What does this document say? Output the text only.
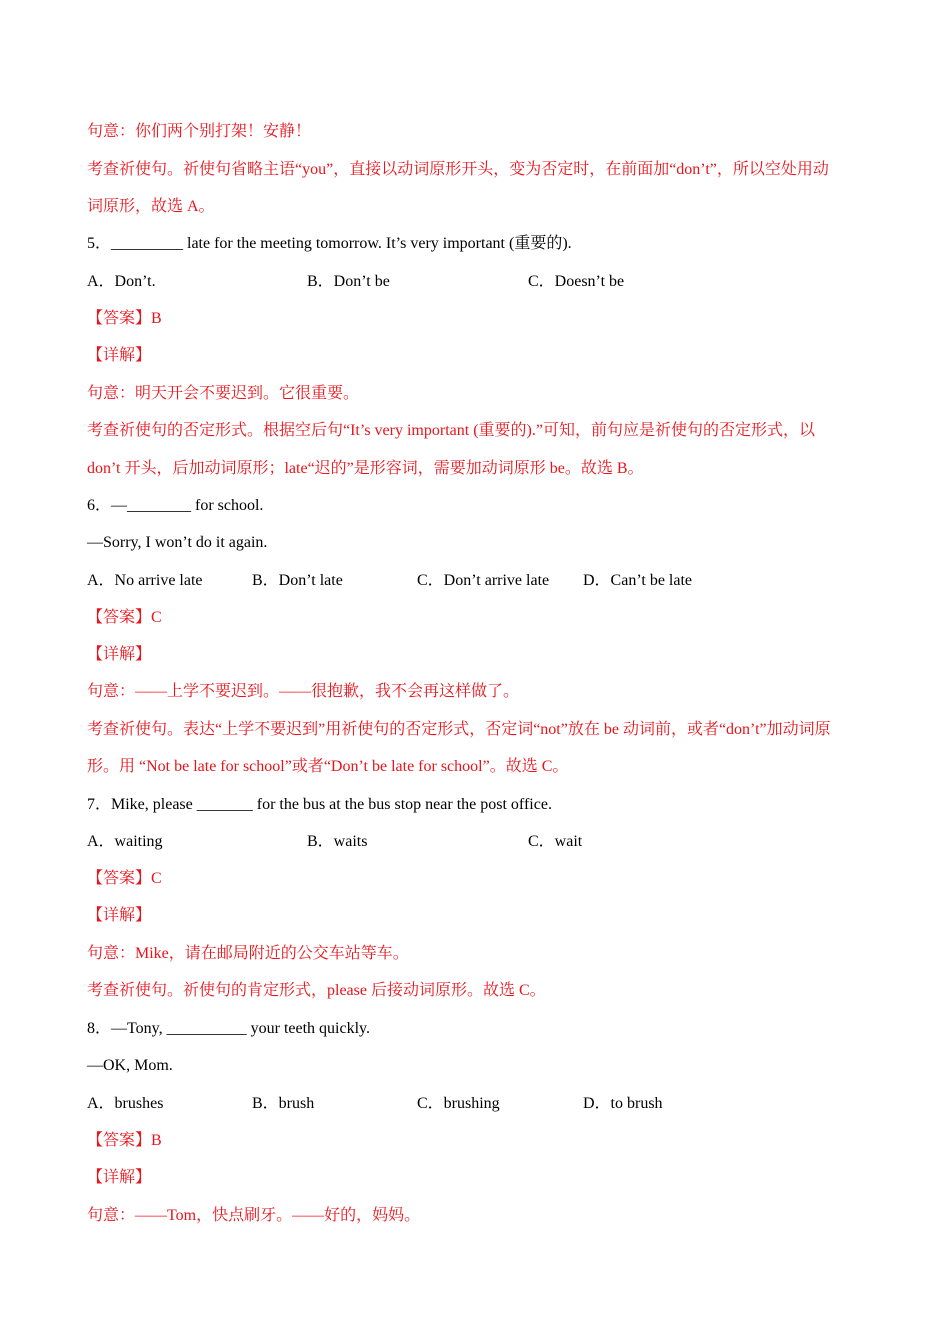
句意：你们两个别打架！安静！
考查祈使句。祈使句省略主语“you”，直接以动词原形开头，变为否定时，在前面加“don’t”，所以空处用动
词原形，故选 A。
5．_________ late for the meeting tomorrow. It’s very important (重要的).
A．Don’t.	B．Don’t be	C．Doesn’t be
【答案】B
【详解】
句意：明天开会不要迟到。它很重要。
考查祈使句的否定形式。根据空后句“It’s very important (重要的).”可知，前句应是祈使句的否定形式，以
don’t 开头，后加动词原形；late“迟的”是形容词，需要加动词原形 be。故选 B。
6．—________ for school.
—Sorry, I won’t do it again.
A．No arrive late	B．Don’t late	C．Don’t arrive late D．Can’t be late
【答案】C
【详解】
句意：——上学不要迟到。——很抱歉，我不会再这样做了。
考查祈使句。表达“上学不要迟到”用祈使句的否定形式，否定词“not”放在 be 动词前，或者“don’t”加动词原
形。用 “Not be late for school”或者“Don’t be late for school”。故选 C。
7．Mike, please _______ for the bus at the bus stop near the post office.
A．waiting	B．waits	C．wait
【答案】C
【详解】
句意：Mike，请在邮局附近的公交车站等车。
考查祈使句。祈使句的肯定形式，please 后接动词原形。故选 C。
8．—Tony, __________ your teeth quickly.
—OK, Mom.
A．brushes	B．brush	C．brushing	D．to brush
【答案】B
【详解】
句意：——Tom，快点刷牙。——好的，妈妈。
